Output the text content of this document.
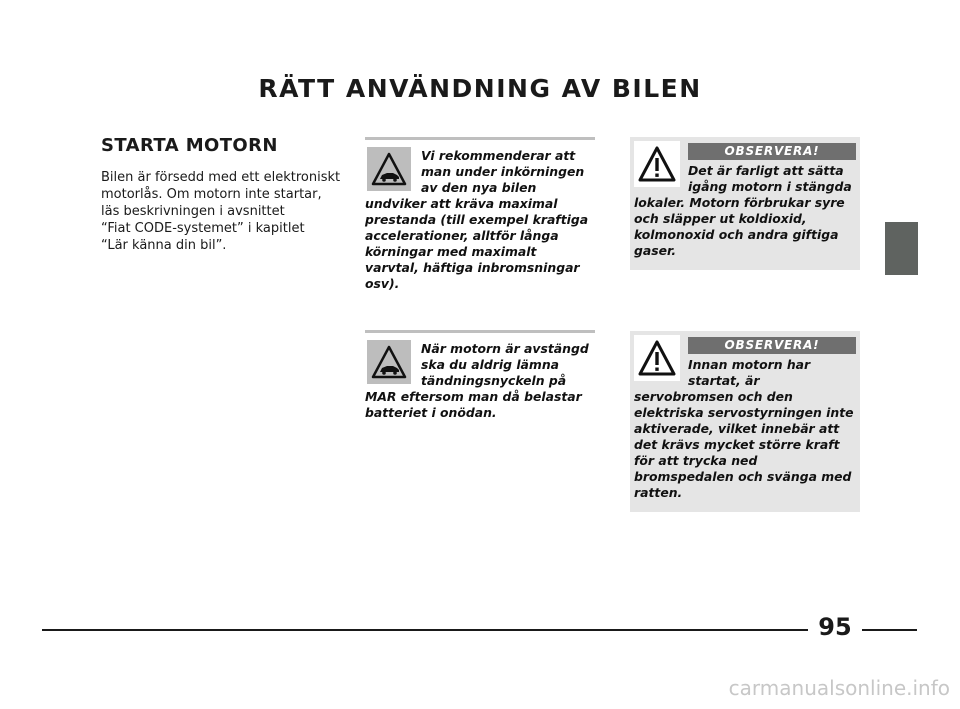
RÄTT ANVÄNDNING AV BILEN
STARTA MOTORN
Bilen är försedd med ett elektroniskt
motorlås. Om motorn inte startar,
läs beskrivningen i avsnittet
“Fiat CODE-systemet” i kapitlet
“Lär känna din bil”.
Vi rekommenderar att
man under inkörningen
av den nya bilen
undviker att kräva maximal
prestanda (till exempel kraftiga
accelerationer, alltför långa
körningar med maximalt
varvtal, häftiga inbromsningar
osv).
När motorn är avstängd
ska du aldrig lämna
tändningsnyckeln på
MAR eftersom man då belastar
batteriet i onödan.
OBSERVERA!
Det är farligt att sätta
igång motorn i stängda
lokaler. Motorn förbrukar syre
och släpper ut koldioxid,
kolmonoxid och andra giftiga
gaser.
OBSERVERA!
Innan motorn har
startat, är
servobromsen och den
elektriska servostyrningen inte
aktiverade, vilket innebär att
det krävs mycket större kraft
för att trycka ned
bromspedalen och svänga med
ratten.
95
carmanualsonline.info
